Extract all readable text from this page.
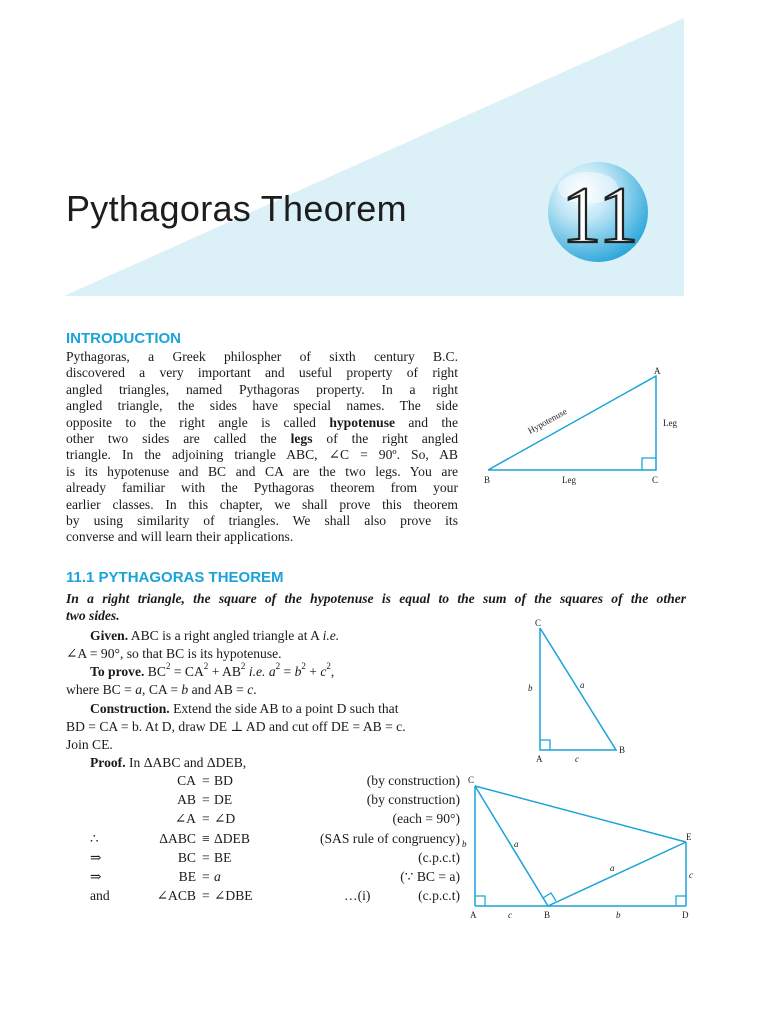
Pythagoras Theorem 11
INTRODUCTION
Pythagoras, a Greek philospher of sixth century B.C.
discovered a very important and useful property of right
angled triangles, named Pythagoras property. In a right
angled triangle, the sides have special names. The side
opposite to the right angle is called hypotenuse and the
other two sides are called the legs of the right angled
triangle. In the adjoining triangle ABC, ∠C = 90º. So, AB
is its hypotenuse and BC and CA are the two legs. You are
already familiar with the Pythagoras theorem from your
earlier classes. In this chapter, we shall prove this theorem
by using similarity of triangles. We shall also prove its
converse and will learn their applications.
A
B	C
Leg
Leg
Hypotenuse
11.1 PYTHAGORAS THEOREM
In a right triangle, the square of the hypotenuse is equal to the sum of the squares of the other
two sides.
Given. ABC is a right angled triangle at A i.e.
∠A = 90°, so that BC is its hypotenuse.
To prove. $BC^2 = CA^2 + AB^2$ i.e. $a^2 = b^2 + c^2$,
where BC = a, CA = b and AB = c.
Construction. Extend the side AB to a point D such that
BD = CA = b. At D, draw DE ⊥ AD and cut off DE = AB = c.
Join CE.
Proof. In ΔABC and ΔDEB,
CA = BD	(by construction)
AB = DE	(by construction)
∠A = ∠D	(each = 90°)
∴	ΔABC ≡ ΔDEB	(SAS rule of congruency)
⇒	BC = BE	(c.p.c.t)
⇒	BE = a	(∵ BC = a)
and	∠ACB = ∠DBE	…(i)	(c.p.c.t)
C
A
B
b	a
c
C
A	B	D
E
b	a
a
c
c	b
